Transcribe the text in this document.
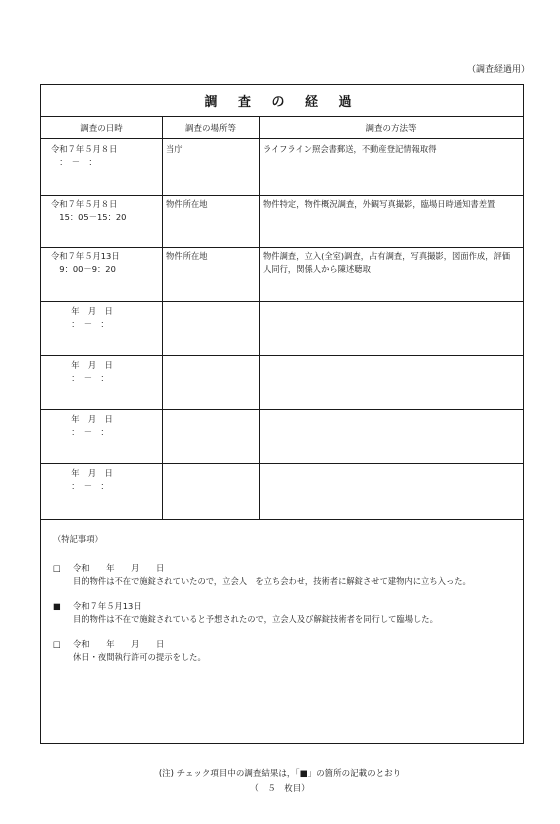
（調査経過用）
調 査 の 経 過
調査の日時	調査の場所等	調査の方法等
令和７年５月８日
　：　－　：
当庁	ライフライン照会書郵送，不動産登記情報取得
令和７年５月８日
　15：05－15：20
物件所在地	物件特定，物件概況調査，外観写真撮影，臨場日時通知書差置
令和７年５月13日
　9：00－9：20
物件所在地	物件調査，立入(全室)調査，占有調査，写真撮影，図面作成，評価人同行，関係人から陳述聴取
　年　月　日
　：　－　：
　年　月　日
　：　－　：
　年　月　日
　：　－　：
　年　月　日
　：　－　：
（特記事項）
□	令和　　年　　月　　日
目的物件は不在で施錠されていたので，立会人　を立ち会わせ，技術者に解錠させて建物内に立ち入った。
■	令和７年５月13日
目的物件は不在で施錠されていると予想されたので，立会人及び解錠技術者を同行して臨場した。
□	令和　　年　　月　　日
休日・夜間執行許可の提示をした。
(注) チェック項目中の調査結果は，「■」の箇所の記載のとおり
（　５　枚目）
